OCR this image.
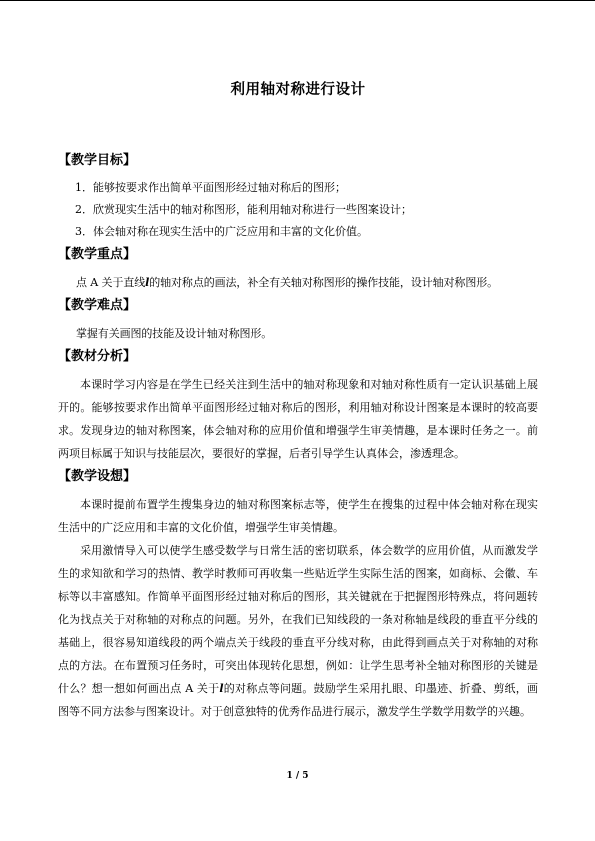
利用轴对称进行设计
【教学目标】
1．能够按要求作出简单平面图形经过轴对称后的图形；
2．欣赏现实生活中的轴对称图形，能利用轴对称进行一些图案设计；
3．体会轴对称在现实生活中的广泛应用和丰富的文化价值。
【教学重点】
点 A 关于直线l的轴对称点的画法，补全有关轴对称图形的操作技能，设计轴对称图形。
【教学难点】
掌握有关画图的技能及设计轴对称图形。
【教材分析】
本课时学习内容是在学生已经关注到生活中的轴对称现象和对轴对称性质有一定认识基础上展开的。能够按要求作出简单平面图形经过轴对称后的图形，利用轴对称设计图案是本课时的较高要求。发现身边的轴对称图案，体会轴对称的应用价值和增强学生审美情趣，是本课时任务之一。前两项目标属于知识与技能层次，要很好的掌握，后者引导学生认真体会，渗透理念。
【教学设想】
本课时提前布置学生搜集身边的轴对称图案标志等，使学生在搜集的过程中体会轴对称在现实生活中的广泛应用和丰富的文化价值，增强学生审美情趣。
采用激情导入可以使学生感受数学与日常生活的密切联系，体会数学的应用价值，从而激发学生的求知欲和学习的热情、教学时教师可再收集一些贴近学生实际生活的图案，如商标、会徽、车标等以丰富感知。作简单平面图形经过轴对称后的图形，其关键就在于把握图形特殊点，将问题转化为找点关于对称轴的对称点的问题。另外，在我们已知线段的一条对称轴是线段的垂直平分线的基础上，很容易知道线段的两个端点关于线段的垂直平分线对称，由此得到画点关于对称轴的对称点的方法。在布置预习任务时，可突出体现转化思想，例如：让学生思考补全轴对称图形的关键是什么？想一想如何画出点 A 关于l的对称点等问题。鼓励学生采用扎眼、印墨迹、折叠、剪纸，画图等不同方法参与图案设计。对于创意独特的优秀作品进行展示，激发学生学数学用数学的兴趣。
1 / 5
